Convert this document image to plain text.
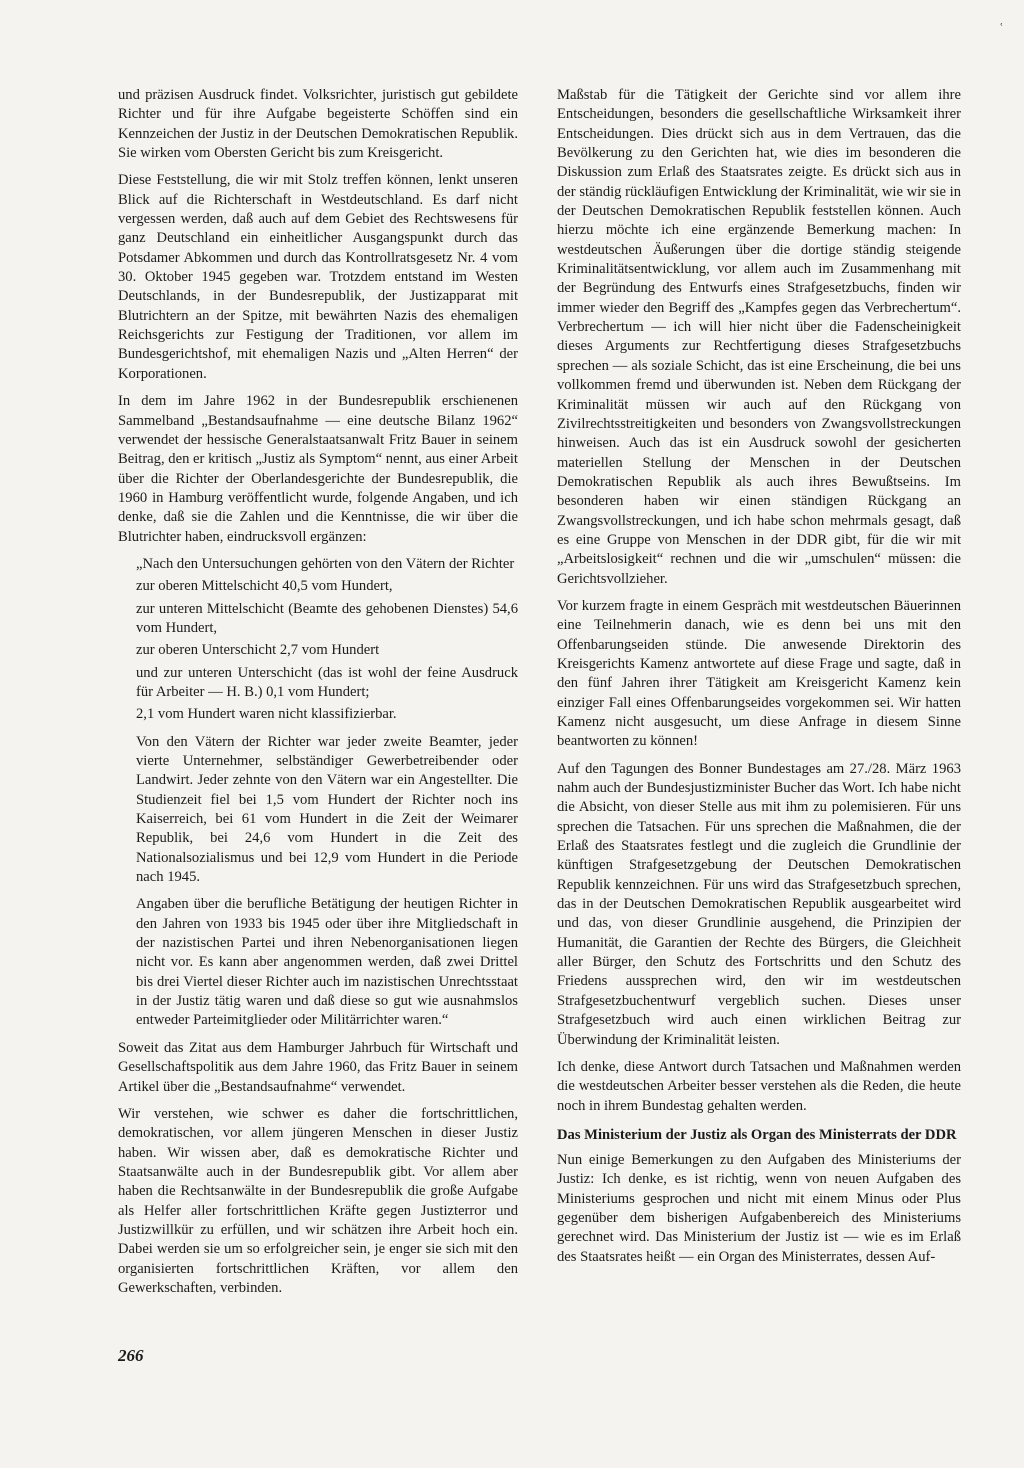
ʿ

und präzisen Ausdruck findet. Volksrichter, juristisch gut gebildete Richter und für ihre Aufgabe begeisterte Schöffen sind ein Kennzeichen der Justiz in der Deutschen Demokratischen Republik. Sie wirken vom Obersten Gericht bis zum Kreisgericht.

Diese Feststellung, die wir mit Stolz treffen können, lenkt unseren Blick auf die Richterschaft in Westdeutschland. Es darf nicht vergessen werden, daß auch auf dem Gebiet des Rechtswesens für ganz Deutschland ein einheitlicher Ausgangspunkt durch das Potsdamer Abkommen und durch das Kontrollratsgesetz Nr. 4 vom 30. Oktober 1945 gegeben war. Trotzdem entstand im Westen Deutschlands, in der Bundesrepublik, der Justizapparat mit Blutrichtern an der Spitze, mit bewährten Nazis des ehemaligen Reichsgerichts zur Festigung der Traditionen, vor allem im Bundesgerichtshof, mit ehemaligen Nazis und „Alten Herren“ der Korporationen.

In dem im Jahre 1962 in der Bundesrepublik erschienenen Sammelband „Bestandsaufnahme — eine deutsche Bilanz 1962“ verwendet der hessische Generalstaatsanwalt Fritz Bauer in seinem Beitrag, den er kritisch „Justiz als Symptom“ nennt, aus einer Arbeit über die Richter der Oberlandesgerichte der Bundesrepublik, die 1960 in Hamburg veröffentlicht wurde, folgende Angaben, und ich denke, daß sie die Zahlen und die Kenntnisse, die wir über die Blutrichter haben, eindrucksvoll ergänzen:

„Nach den Untersuchungen gehörten von den Vätern der Richter

zur oberen Mittelschicht 40,5 vom Hundert,

zur unteren Mittelschicht (Beamte des gehobenen Dienstes) 54,6 vom Hundert,

zur oberen Unterschicht 2,7 vom Hundert

und zur unteren Unterschicht (das ist wohl der feine Ausdruck für Arbeiter — H. B.) 0,1 vom Hundert;

2,1 vom Hundert waren nicht klassifizierbar.

Von den Vätern der Richter war jeder zweite Beamter, jeder vierte Unternehmer, selbständiger Gewerbetreibender oder Landwirt. Jeder zehnte von den Vätern war ein Angestellter. Die Studienzeit fiel bei 1,5 vom Hundert der Richter noch ins Kaiserreich, bei 61 vom Hundert in die Zeit der Weimarer Republik, bei 24,6 vom Hundert in die Zeit des Nationalsozialismus und bei 12,9 vom Hundert in die Periode nach 1945.

Angaben über die berufliche Betätigung der heutigen Richter in den Jahren von 1933 bis 1945 oder über ihre Mitgliedschaft in der nazistischen Partei und ihren Nebenorganisationen liegen nicht vor. Es kann aber angenommen werden, daß zwei Drittel bis drei Viertel dieser Richter auch im nazistischen Unrechtsstaat in der Justiz tätig waren und daß diese so gut wie ausnahmslos entweder Parteimitglieder oder Militärrichter waren.“

Soweit das Zitat aus dem Hamburger Jahrbuch für Wirtschaft und Gesellschaftspolitik aus dem Jahre 1960, das Fritz Bauer in seinem Artikel über die „Bestandsaufnahme“ verwendet.

Wir verstehen, wie schwer es daher die fortschrittlichen, demokratischen, vor allem jüngeren Menschen in dieser Justiz haben. Wir wissen aber, daß es demokratische Richter und Staatsanwälte auch in der Bundesrepublik gibt. Vor allem aber haben die Rechtsanwälte in der Bundesrepublik die große Aufgabe als Helfer aller fortschrittlichen Kräfte gegen Justizterror und Justizwillkür zu erfüllen, und wir schätzen ihre Arbeit hoch ein. Dabei werden sie um so erfolgreicher sein, je enger sie sich mit den organisierten fortschrittlichen Kräften, vor allem den Gewerkschaften, verbinden.

Maßstab für die Tätigkeit der Gerichte sind vor allem ihre Entscheidungen, besonders die gesellschaftliche Wirksamkeit ihrer Entscheidungen. Dies drückt sich aus in dem Vertrauen, das die Bevölkerung zu den Gerichten hat, wie dies im besonderen die Diskussion zum Erlaß des Staatsrates zeigte. Es drückt sich aus in der ständig rückläufigen Entwicklung der Kriminalität, wie wir sie in der Deutschen Demokratischen Republik feststellen können. Auch hierzu möchte ich eine ergänzende Bemerkung machen: In westdeutschen Äußerungen über die dortige ständig steigende Kriminalitätsentwicklung, vor allem auch im Zusammenhang mit der Begründung des Entwurfs eines Strafgesetzbuchs, finden wir immer wieder den Begriff des „Kampfes gegen das Verbrechertum“. Verbrechertum — ich will hier nicht über die Fadenscheinigkeit dieses Arguments zur Rechtfertigung dieses Strafgesetzbuchs sprechen — als soziale Schicht, das ist eine Erscheinung, die bei uns vollkommen fremd und überwunden ist. Neben dem Rückgang der Kriminalität müssen wir auch auf den Rückgang von Zivilrechtsstreitigkeiten und besonders von Zwangsvollstreckungen hinweisen. Auch das ist ein Ausdruck sowohl der gesicherten materiellen Stellung der Menschen in der Deutschen Demokratischen Republik als auch ihres Bewußtseins. Im besonderen haben wir einen ständigen Rückgang an Zwangsvollstreckungen, und ich habe schon mehrmals gesagt, daß es eine Gruppe von Menschen in der DDR gibt, für die wir mit „Arbeitslosigkeit“ rechnen und die wir „umschulen“ müssen: die Gerichtsvollzieher.

Vor kurzem fragte in einem Gespräch mit westdeutschen Bäuerinnen eine Teilnehmerin danach, wie es denn bei uns mit den Offenbarungseiden stünde. Die anwesende Direktorin des Kreisgerichts Kamenz antwortete auf diese Frage und sagte, daß in den fünf Jahren ihrer Tätigkeit am Kreisgericht Kamenz kein einziger Fall eines Offenbarungseides vorgekommen sei. Wir hatten Kamenz nicht ausgesucht, um diese Anfrage in diesem Sinne beantworten zu können!

Auf den Tagungen des Bonner Bundestages am 27./28. März 1963 nahm auch der Bundesjustizminister Bucher das Wort. Ich habe nicht die Absicht, von dieser Stelle aus mit ihm zu polemisieren. Für uns sprechen die Tatsachen. Für uns sprechen die Maßnahmen, die der Erlaß des Staatsrates festlegt und die zugleich die Grundlinie der künftigen Strafgesetzgebung der Deutschen Demokratischen Republik kennzeichnen. Für uns wird das Strafgesetzbuch sprechen, das in der Deutschen Demokratischen Republik ausgearbeitet wird und das, von dieser Grundlinie ausgehend, die Prinzipien der Humanität, die Garantien der Rechte des Bürgers, die Gleichheit aller Bürger, den Schutz des Fortschritts und den Schutz des Friedens aussprechen wird, den wir im westdeutschen Strafgesetzbuchentwurf vergeblich suchen. Dieses unser Strafgesetzbuch wird auch einen wirklichen Beitrag zur Überwindung der Kriminalität leisten.

Ich denke, diese Antwort durch Tatsachen und Maßnahmen werden die westdeutschen Arbeiter besser verstehen als die Reden, die heute noch in ihrem Bundestag gehalten werden.

Das Ministerium der Justiz als Organ des Ministerrats der DDR

Nun einige Bemerkungen zu den Aufgaben des Ministeriums der Justiz: Ich denke, es ist richtig, wenn von neuen Aufgaben des Ministeriums gesprochen und nicht mit einem Minus oder Plus gegenüber dem bisherigen Aufgabenbereich des Ministeriums gerechnet wird. Das Ministerium der Justiz ist — wie es im Erlaß des Staatsrates heißt — ein Organ des Ministerrates, dessen Auf-

266
